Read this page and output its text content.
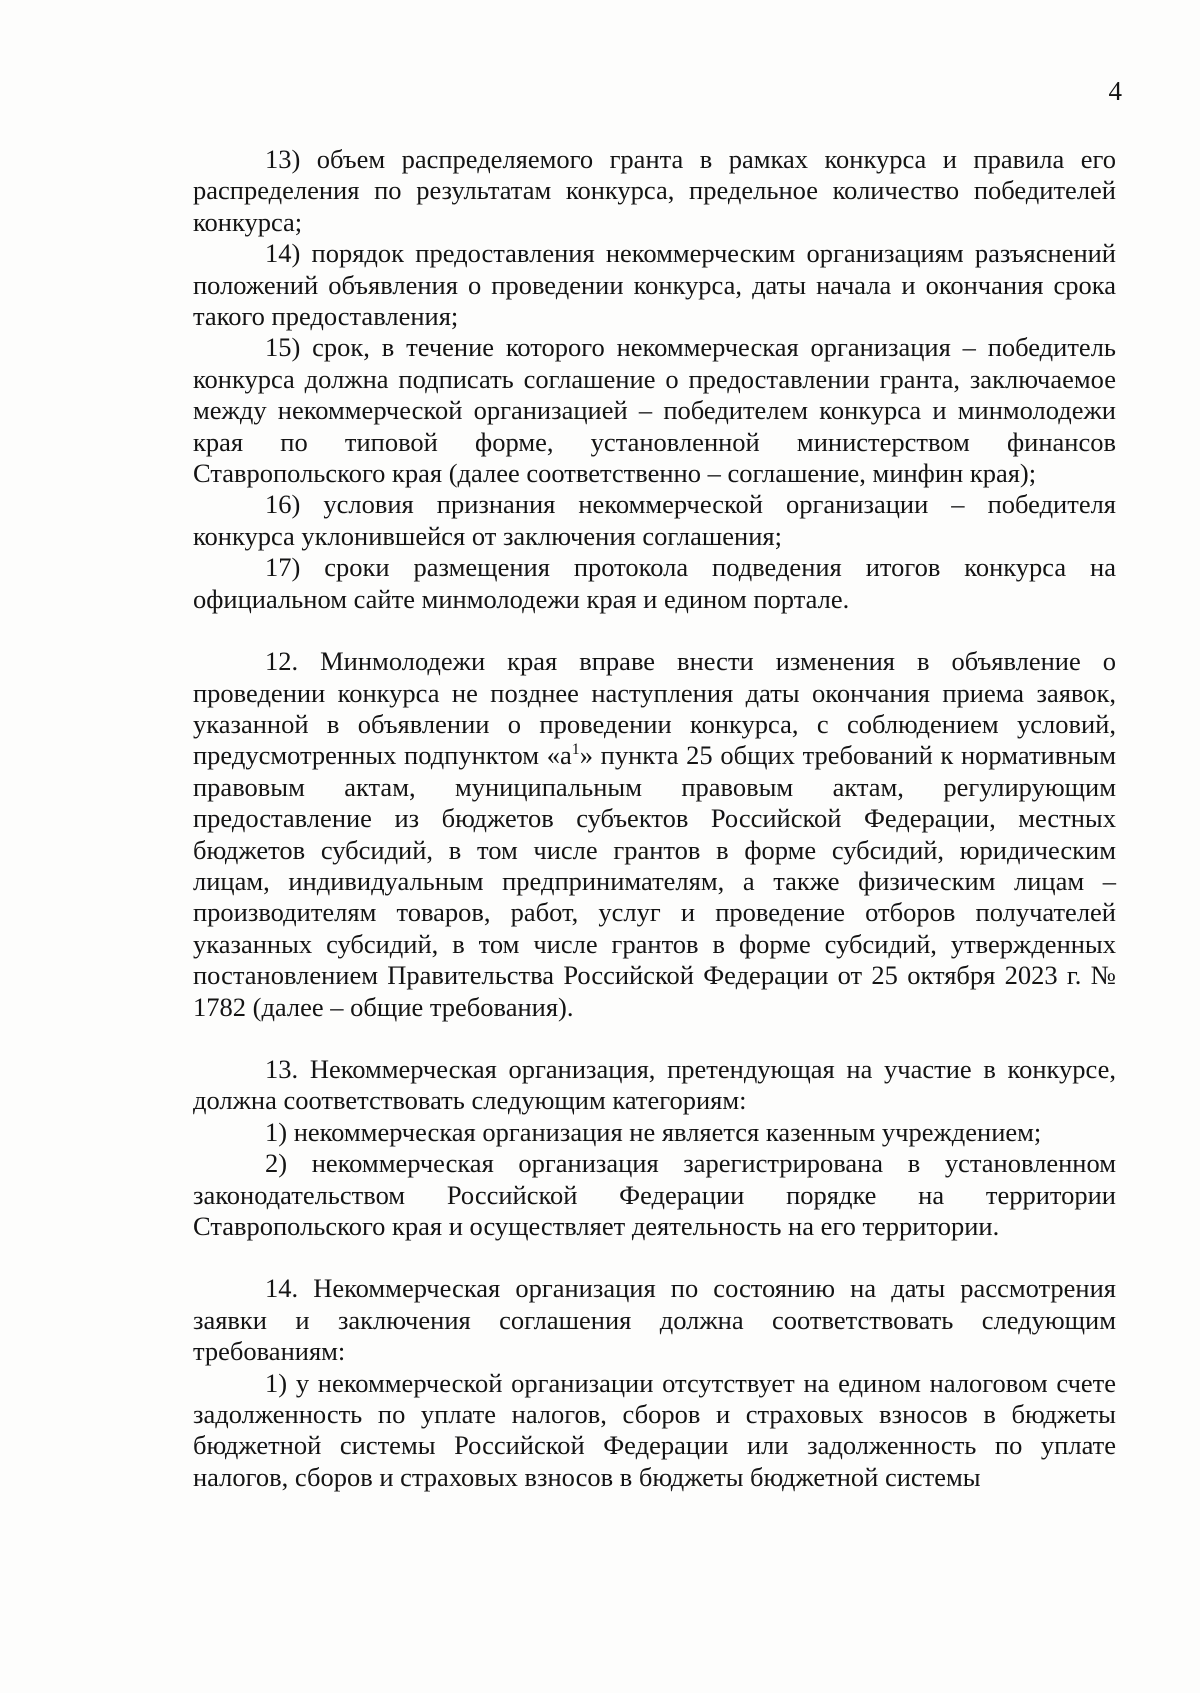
4

13) объем распределяемого гранта в рамках конкурса и правила его распределения по результатам конкурса, предельное количество победителей конкурса;

14) порядок предоставления некоммерческим организациям разъяснений положений объявления о проведении конкурса, даты начала и окончания срока такого предоставления;

15) срок, в течение которого некоммерческая организация – победитель конкурса должна подписать соглашение о предоставлении гранта, заключаемое между некоммерческой организацией – победителем конкурса и минмолодежи края по типовой форме, установленной министерством финансов Ставропольского края (далее соответственно – соглашение, минфин края);

16) условия признания некоммерческой организации – победителя конкурса уклонившейся от заключения соглашения;

17) сроки размещения протокола подведения итогов конкурса на официальном сайте минмолодежи края и едином портале.

12. Минмолодежи края вправе внести изменения в объявление о проведении конкурса не позднее наступления даты окончания приема заявок, указанной в объявлении о проведении конкурса, с соблюдением условий, предусмотренных подпунктом «$а^1$» пункта 25 общих требований к нормативным правовым актам, муниципальным правовым актам, регулирующим предоставление из бюджетов субъектов Российской Федерации, местных бюджетов субсидий, в том числе грантов в форме субсидий, юридическим лицам, индивидуальным предпринимателям, а также физическим лицам – производителям товаров, работ, услуг и проведение отборов получателей указанных субсидий, в том числе грантов в форме субсидий, утвержденных постановлением Правительства Российской Федерации от 25 октября 2023 г. № 1782 (далее – общие требования).

13. Некоммерческая организация, претендующая на участие в конкурсе, должна соответствовать следующим категориям:

1) некоммерческая организация не является казенным учреждением;

2) некоммерческая организация зарегистрирована в установленном законодательством Российской Федерации порядке на территории Ставропольского края и осуществляет деятельность на его территории.

14. Некоммерческая организация по состоянию на даты рассмотрения заявки и заключения соглашения должна соответствовать следующим требованиям:

1) у некоммерческой организации отсутствует на едином налоговом счете задолженность по уплате налогов, сборов и страховых взносов в бюджеты бюджетной системы Российской Федерации или задолженность по уплате налогов, сборов и страховых взносов в бюджеты бюджетной системы
